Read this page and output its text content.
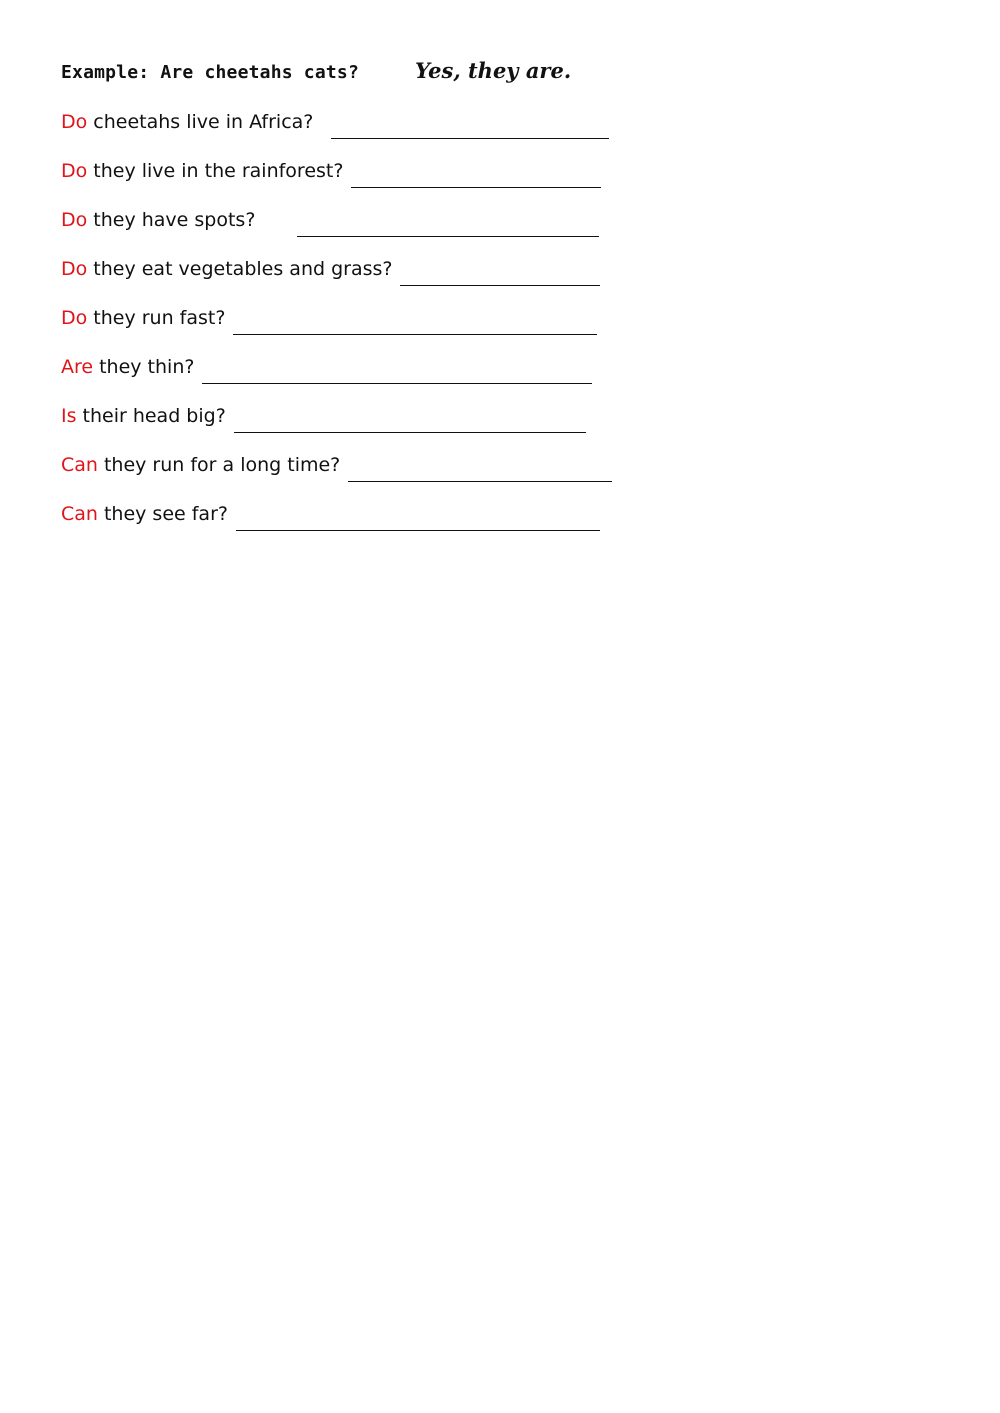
Example: Are cheetahs cats?	Yes, they are.
Do cheetahs live in Africa?
Do they live in the rainforest?
Do they have spots?
Do they eat vegetables and grass?
Do they run fast?
Are they thin?
Is their head big?
Can they run for a long time?
Can they see far?
